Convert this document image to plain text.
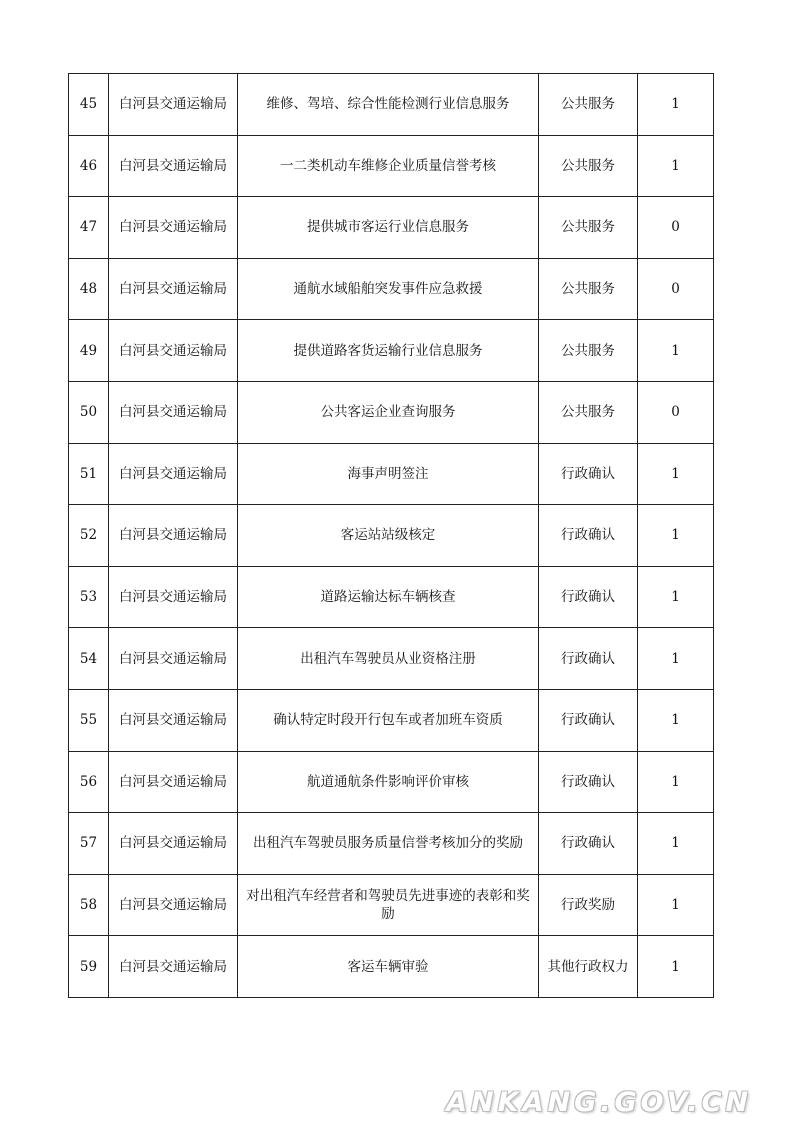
45	白河县交通运输局	维修、驾培、综合性能检测行业信息服务	公共服务	1
46	白河县交通运输局	一二类机动车维修企业质量信誉考核	公共服务	1
47	白河县交通运输局	提供城市客运行业信息服务	公共服务	0
48	白河县交通运输局	通航水域船舶突发事件应急救援	公共服务	0
49	白河县交通运输局	提供道路客货运输行业信息服务	公共服务	1
50	白河县交通运输局	公共客运企业查询服务	公共服务	0
51	白河县交通运输局	海事声明签注	行政确认	1
52	白河县交通运输局	客运站站级核定	行政确认	1
53	白河县交通运输局	道路运输达标车辆核查	行政确认	1
54	白河县交通运输局	出租汽车驾驶员从业资格注册	行政确认	1
55	白河县交通运输局	确认特定时段开行包车或者加班车资质	行政确认	1
56	白河县交通运输局	航道通航条件影响评价审核	行政确认	1
57	白河县交通运输局	出租汽车驾驶员服务质量信誉考核加分的奖励	行政确认	1
58	白河县交通运输局	对出租汽车经营者和驾驶员先进事迹的表彰和奖励	行政奖励	1
59	白河县交通运输局	客运车辆审验	其他行政权力	1
ANKANG.GOV.CN
